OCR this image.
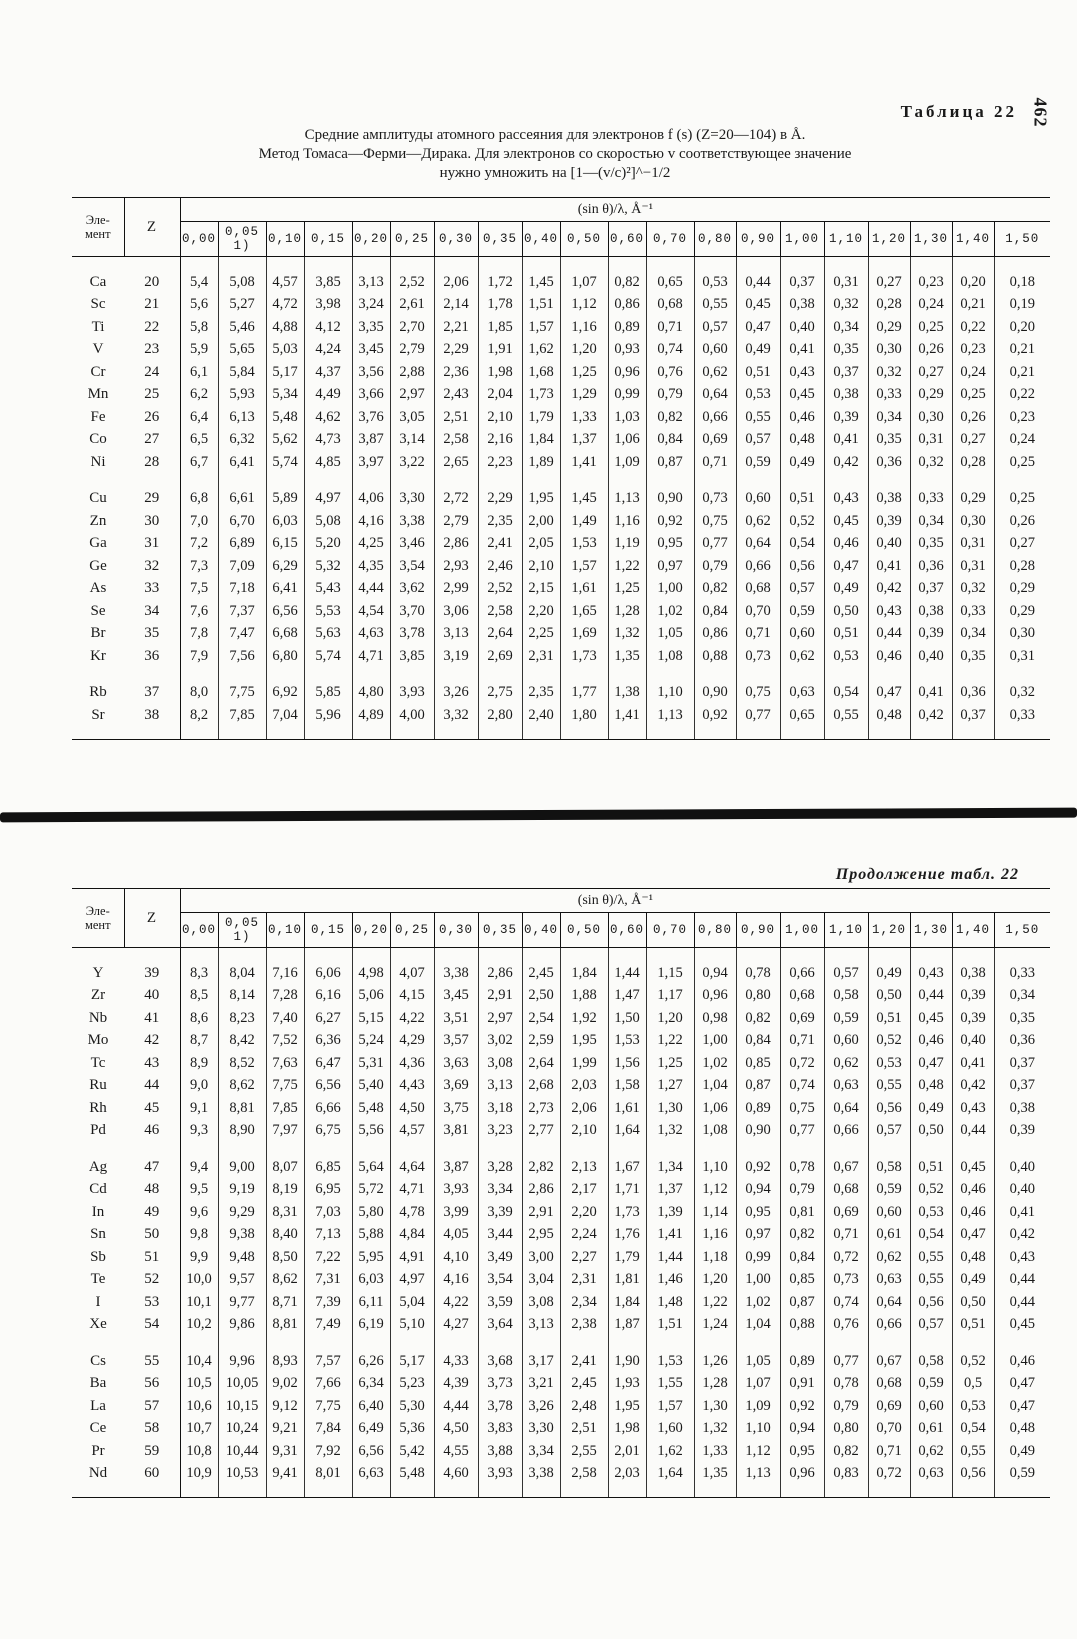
462
Таблица 22
Средние амплитуды атомного рассеяния для электронов f (s) (Z=20—104) в Å.
Метод Томаса—Ферми—Дирака. Для электронов со скоростью v соответствующее значение
нужно умножить на [1—(v/c)²]^−1/2
Эле-
мент	Z	(sin θ)/λ, Å⁻¹																			
		0,00	0,05 1)	0,10	0,15	0,20	0,25	0,30	0,35	0,40	0,50	0,60	0,70	0,80	0,90	1,00	1,10	1,20	1,30	1,40	1,50

Ca	20	5,4	5,08	4,57	3,85	3,13	2,52	2,06	1,72	1,45	1,07	0,82	0,65	0,53	0,44	0,37	0,31	0,27	0,23	0,20	0,18
Sc	21	5,6	5,27	4,72	3,98	3,24	2,61	2,14	1,78	1,51	1,12	0,86	0,68	0,55	0,45	0,38	0,32	0,28	0,24	0,21	0,19
Ti	22	5,8	5,46	4,88	4,12	3,35	2,70	2,21	1,85	1,57	1,16	0,89	0,71	0,57	0,47	0,40	0,34	0,29	0,25	0,22	0,20
V	23	5,9	5,65	5,03	4,24	3,45	2,79	2,29	1,91	1,62	1,20	0,93	0,74	0,60	0,49	0,41	0,35	0,30	0,26	0,23	0,21
Cr	24	6,1	5,84	5,17	4,37	3,56	2,88	2,36	1,98	1,68	1,25	0,96	0,76	0,62	0,51	0,43	0,37	0,32	0,27	0,24	0,21
Mn	25	6,2	5,93	5,34	4,49	3,66	2,97	2,43	2,04	1,73	1,29	0,99	0,79	0,64	0,53	0,45	0,38	0,33	0,29	0,25	0,22
Fe	26	6,4	6,13	5,48	4,62	3,76	3,05	2,51	2,10	1,79	1,33	1,03	0,82	0,66	0,55	0,46	0,39	0,34	0,30	0,26	0,23
Co	27	6,5	6,32	5,62	4,73	3,87	3,14	2,58	2,16	1,84	1,37	1,06	0,84	0,69	0,57	0,48	0,41	0,35	0,31	0,27	0,24
Ni	28	6,7	6,41	5,74	4,85	3,97	3,22	2,65	2,23	1,89	1,41	1,09	0,87	0,71	0,59	0,49	0,42	0,36	0,32	0,28	0,25

Cu	29	6,8	6,61	5,89	4,97	4,06	3,30	2,72	2,29	1,95	1,45	1,13	0,90	0,73	0,60	0,51	0,43	0,38	0,33	0,29	0,25
Zn	30	7,0	6,70	6,03	5,08	4,16	3,38	2,79	2,35	2,00	1,49	1,16	0,92	0,75	0,62	0,52	0,45	0,39	0,34	0,30	0,26
Ga	31	7,2	6,89	6,15	5,20	4,25	3,46	2,86	2,41	2,05	1,53	1,19	0,95	0,77	0,64	0,54	0,46	0,40	0,35	0,31	0,27
Ge	32	7,3	7,09	6,29	5,32	4,35	3,54	2,93	2,46	2,10	1,57	1,22	0,97	0,79	0,66	0,56	0,47	0,41	0,36	0,31	0,28
As	33	7,5	7,18	6,41	5,43	4,44	3,62	2,99	2,52	2,15	1,61	1,25	1,00	0,82	0,68	0,57	0,49	0,42	0,37	0,32	0,29
Se	34	7,6	7,37	6,56	5,53	4,54	3,70	3,06	2,58	2,20	1,65	1,28	1,02	0,84	0,70	0,59	0,50	0,43	0,38	0,33	0,29
Br	35	7,8	7,47	6,68	5,63	4,63	3,78	3,13	2,64	2,25	1,69	1,32	1,05	0,86	0,71	0,60	0,51	0,44	0,39	0,34	0,30
Kr	36	7,9	7,56	6,80	5,74	4,71	3,85	3,19	2,69	2,31	1,73	1,35	1,08	0,88	0,73	0,62	0,53	0,46	0,40	0,35	0,31

Rb	37	8,0	7,75	6,92	5,85	4,80	3,93	3,26	2,75	2,35	1,77	1,38	1,10	0,90	0,75	0,63	0,54	0,47	0,41	0,36	0,32
Sr	38	8,2	7,85	7,04	5,96	4,89	4,00	3,32	2,80	2,40	1,80	1,41	1,13	0,92	0,77	0,65	0,55	0,48	0,42	0,37	0,33

Продолжение табл. 22
Эле-
мент	Z	(sin θ)/λ, Å⁻¹																			
		0,00	0,05 1)	0,10	0,15	0,20	0,25	0,30	0,35	0,40	0,50	0,60	0,70	0,80	0,90	1,00	1,10	1,20	1,30	1,40	1,50

Y	39	8,3	8,04	7,16	6,06	4,98	4,07	3,38	2,86	2,45	1,84	1,44	1,15	0,94	0,78	0,66	0,57	0,49	0,43	0,38	0,33
Zr	40	8,5	8,14	7,28	6,16	5,06	4,15	3,45	2,91	2,50	1,88	1,47	1,17	0,96	0,80	0,68	0,58	0,50	0,44	0,39	0,34
Nb	41	8,6	8,23	7,40	6,27	5,15	4,22	3,51	2,97	2,54	1,92	1,50	1,20	0,98	0,82	0,69	0,59	0,51	0,45	0,39	0,35
Mo	42	8,7	8,42	7,52	6,36	5,24	4,29	3,57	3,02	2,59	1,95	1,53	1,22	1,00	0,84	0,71	0,60	0,52	0,46	0,40	0,36
Tc	43	8,9	8,52	7,63	6,47	5,31	4,36	3,63	3,08	2,64	1,99	1,56	1,25	1,02	0,85	0,72	0,62	0,53	0,47	0,41	0,37
Ru	44	9,0	8,62	7,75	6,56	5,40	4,43	3,69	3,13	2,68	2,03	1,58	1,27	1,04	0,87	0,74	0,63	0,55	0,48	0,42	0,37
Rh	45	9,1	8,81	7,85	6,66	5,48	4,50	3,75	3,18	2,73	2,06	1,61	1,30	1,06	0,89	0,75	0,64	0,56	0,49	0,43	0,38
Pd	46	9,3	8,90	7,97	6,75	5,56	4,57	3,81	3,23	2,77	2,10	1,64	1,32	1,08	0,90	0,77	0,66	0,57	0,50	0,44	0,39

Ag	47	9,4	9,00	8,07	6,85	5,64	4,64	3,87	3,28	2,82	2,13	1,67	1,34	1,10	0,92	0,78	0,67	0,58	0,51	0,45	0,40
Cd	48	9,5	9,19	8,19	6,95	5,72	4,71	3,93	3,34	2,86	2,17	1,71	1,37	1,12	0,94	0,79	0,68	0,59	0,52	0,46	0,40
In	49	9,6	9,29	8,31	7,03	5,80	4,78	3,99	3,39	2,91	2,20	1,73	1,39	1,14	0,95	0,81	0,69	0,60	0,53	0,46	0,41
Sn	50	9,8	9,38	8,40	7,13	5,88	4,84	4,05	3,44	2,95	2,24	1,76	1,41	1,16	0,97	0,82	0,71	0,61	0,54	0,47	0,42
Sb	51	9,9	9,48	8,50	7,22	5,95	4,91	4,10	3,49	3,00	2,27	1,79	1,44	1,18	0,99	0,84	0,72	0,62	0,55	0,48	0,43
Te	52	10,0	9,57	8,62	7,31	6,03	4,97	4,16	3,54	3,04	2,31	1,81	1,46	1,20	1,00	0,85	0,73	0,63	0,55	0,49	0,44
I	53	10,1	9,77	8,71	7,39	6,11	5,04	4,22	3,59	3,08	2,34	1,84	1,48	1,22	1,02	0,87	0,74	0,64	0,56	0,50	0,44
Xe	54	10,2	9,86	8,81	7,49	6,19	5,10	4,27	3,64	3,13	2,38	1,87	1,51	1,24	1,04	0,88	0,76	0,66	0,57	0,51	0,45

Cs	55	10,4	9,96	8,93	7,57	6,26	5,17	4,33	3,68	3,17	2,41	1,90	1,53	1,26	1,05	0,89	0,77	0,67	0,58	0,52	0,46
Ba	56	10,5	10,05	9,02	7,66	6,34	5,23	4,39	3,73	3,21	2,45	1,93	1,55	1,28	1,07	0,91	0,78	0,68	0,59	0,5	0,47
La	57	10,6	10,15	9,12	7,75	6,40	5,30	4,44	3,78	3,26	2,48	1,95	1,57	1,30	1,09	0,92	0,79	0,69	0,60	0,53	0,47
Ce	58	10,7	10,24	9,21	7,84	6,49	5,36	4,50	3,83	3,30	2,51	1,98	1,60	1,32	1,10	0,94	0,80	0,70	0,61	0,54	0,48
Pr	59	10,8	10,44	9,31	7,92	6,56	5,42	4,55	3,88	3,34	2,55	2,01	1,62	1,33	1,12	0,95	0,82	0,71	0,62	0,55	0,49
Nd	60	10,9	10,53	9,41	8,01	6,63	5,48	4,60	3,93	3,38	2,58	2,03	1,64	1,35	1,13	0,96	0,83	0,72	0,63	0,56	0,59
